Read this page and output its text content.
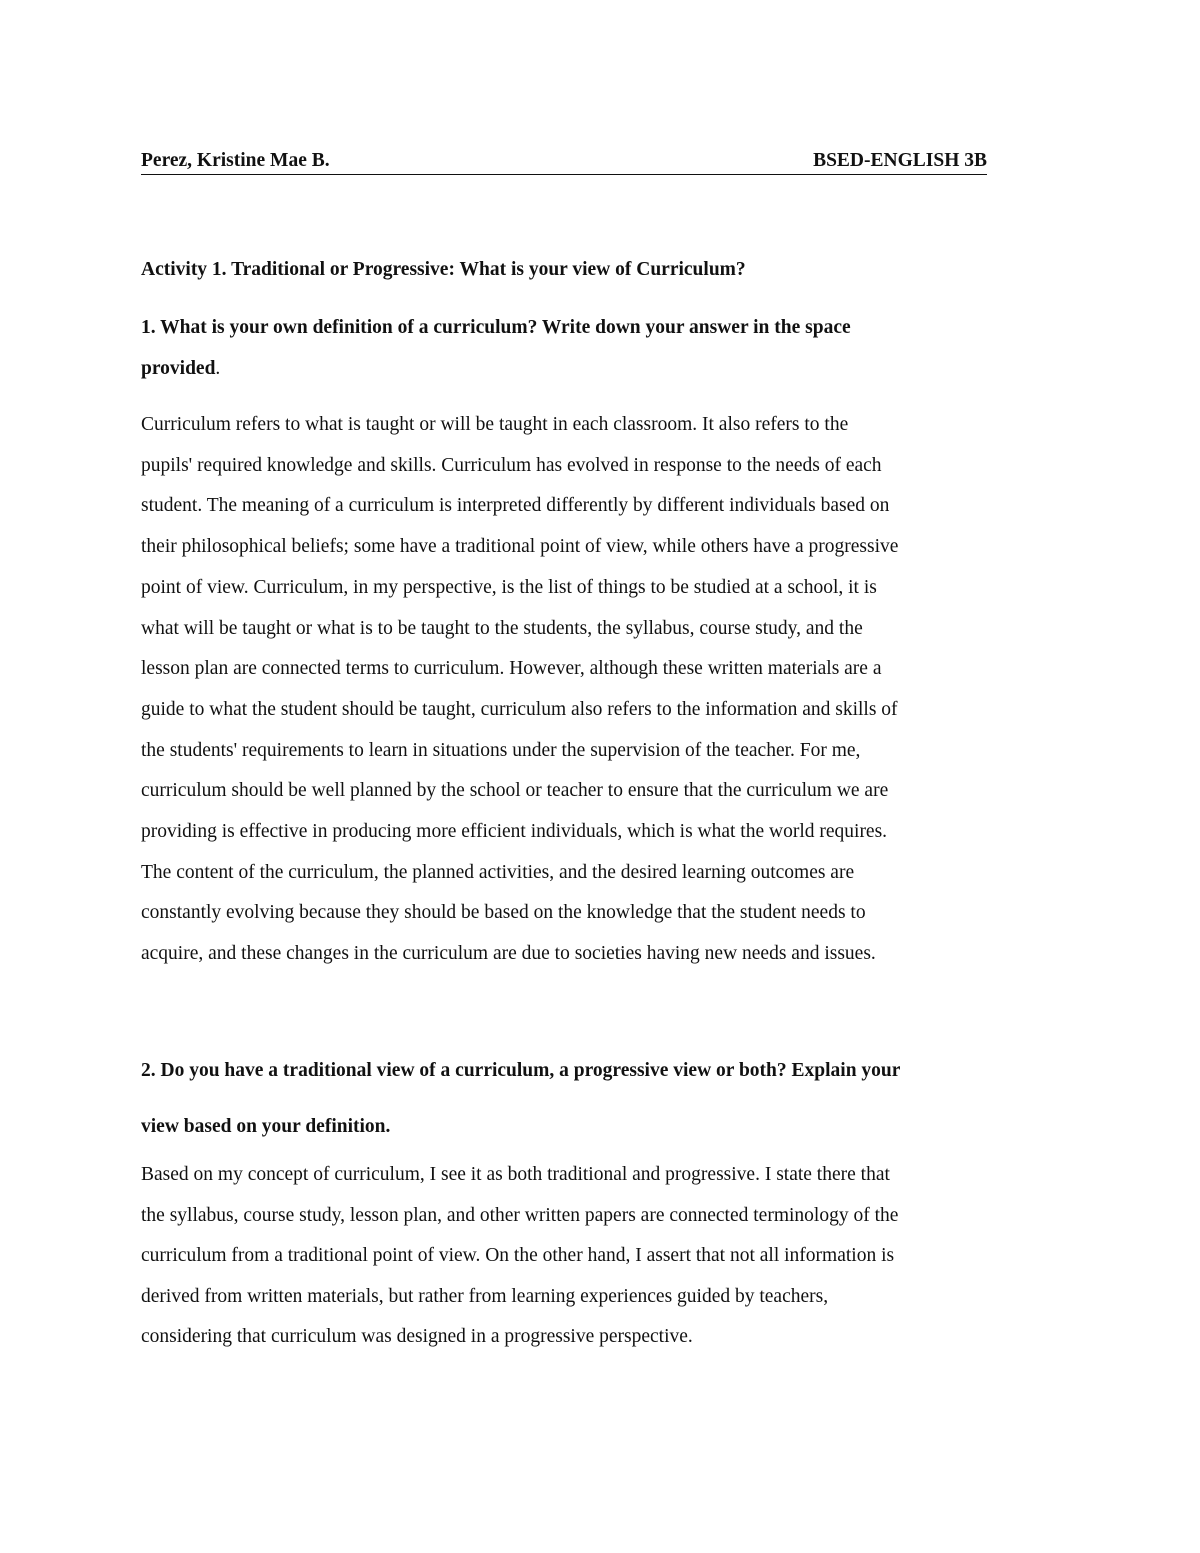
Perez, Kristine Mae B.	BSED-ENGLISH 3B
Activity 1. Traditional or Progressive: What is your view of Curriculum?
1. What is your own definition of a curriculum? Write down your answer in the space
provided.
Curriculum refers to what is taught or will be taught in each classroom. It also refers to the
pupils' required knowledge and skills. Curriculum has evolved in response to the needs of each
student. The meaning of a curriculum is interpreted differently by different individuals based on
their philosophical beliefs; some have a traditional point of view, while others have a progressive
point of view. Curriculum, in my perspective, is the list of things to be studied at a school, it is
what will be taught or what is to be taught to the students, the syllabus, course study, and the
lesson plan are connected terms to curriculum. However, although these written materials are a
guide to what the student should be taught, curriculum also refers to the information and skills of
the students' requirements to learn in situations under the supervision of the teacher. For me,
curriculum should be well planned by the school or teacher to ensure that the curriculum we are
providing is effective in producing more efficient individuals, which is what the world requires.
The content of the curriculum, the planned activities, and the desired learning outcomes are
constantly evolving because they should be based on the knowledge that the student needs to
acquire, and these changes in the curriculum are due to societies having new needs and issues.
2. Do you have a traditional view of a curriculum, a progressive view or both? Explain your
view based on your definition.
Based on my concept of curriculum, I see it as both traditional and progressive. I state there that
the syllabus, course study, lesson plan, and other written papers are connected terminology of the
curriculum from a traditional point of view. On the other hand, I assert that not all information is
derived from written materials, but rather from learning experiences guided by teachers,
considering that curriculum was designed in a progressive perspective.
